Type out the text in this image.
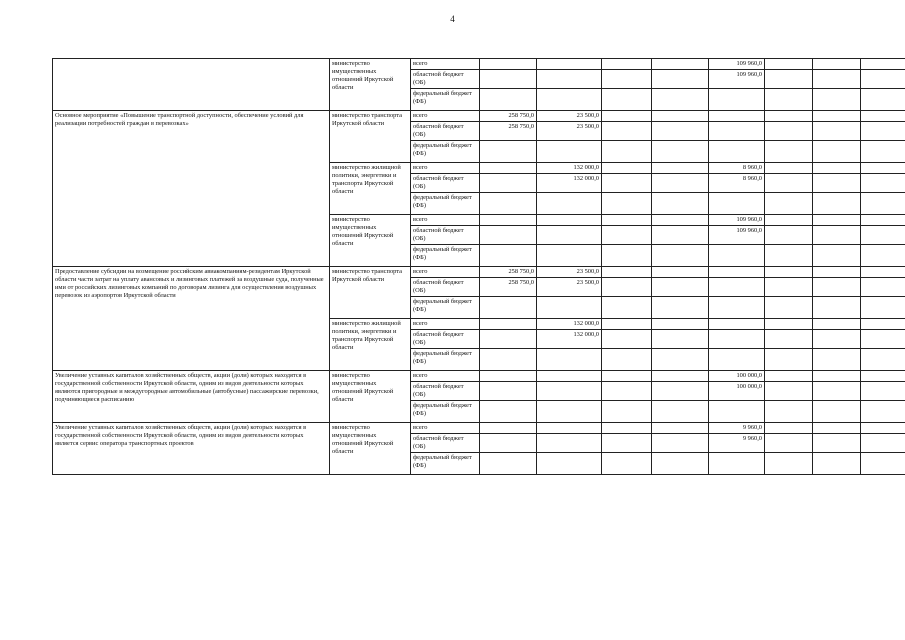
4
	министерство имущественных отношений Иркутской области	всего					109 960,0			
		областной бюджет (ОБ)					109 960,0			
		федеральный бюджет (ФБ)								
Основное мероприятие «Повышение транспортной доступности, обеспечение условий для реализации потребностей граждан в перевозках»	министерство транспорта Иркутской области	всего	258 750,0	23 500,0						
		областной бюджет (ОБ)	258 750,0	23 500,0						
		федеральный бюджет (ФБ)								
	министерство жилищной политики, энергетики и транспорта Иркутской области	всего		132 000,0			8 960,0			
		областной бюджет (ОБ)		132 000,0			8 960,0			
		федеральный бюджет (ФБ)								
	министерство имущественных отношений Иркутской области	всего					109 960,0			
		областной бюджет (ОБ)					109 960,0			
		федеральный бюджет (ФБ)								
Предоставление субсидии на возмещение российским авиакомпаниям-резидентам Иркутской области части затрат на уплату авансовых и лизинговых платежей за воздушные суда, полученные ими от российских лизинговых компаний по договорам лизинга для осуществления воздушных перевозок из аэропортов Иркутской области	министерство транспорта Иркутской области	всего	258 750,0	23 500,0						
		областной бюджет (ОБ)	258 750,0	23 500,0						
		федеральный бюджет (ФБ)								
	министерство жилищной политики, энергетики и транспорта Иркутской области	всего		132 000,0						
		областной бюджет (ОБ)		132 000,0						
		федеральный бюджет (ФБ)								
Увеличение уставных капиталов хозяйственных обществ, акции (доли) которых находятся в государственной собственности Иркутской области, одним из видов деятельности которых являются пригородные и междугородные автомобильные (автобусные) пассажирские перевозки, подчиняющиеся расписанию	министерство имущественных отношений Иркутской области	всего					100 000,0			
		областной бюджет (ОБ)					100 000,0			
		федеральный бюджет (ФБ)								
Увеличение уставных капиталов хозяйственных обществ, акции (доли) которых находятся в государственной собственности Иркутской области, одним из видов деятельности которых является сервис оператора транспортных проектов	министерство имущественных отношений Иркутской области	всего					9 960,0			
		областной бюджет (ОБ)					9 960,0			
		федеральный бюджет (ФБ)								
